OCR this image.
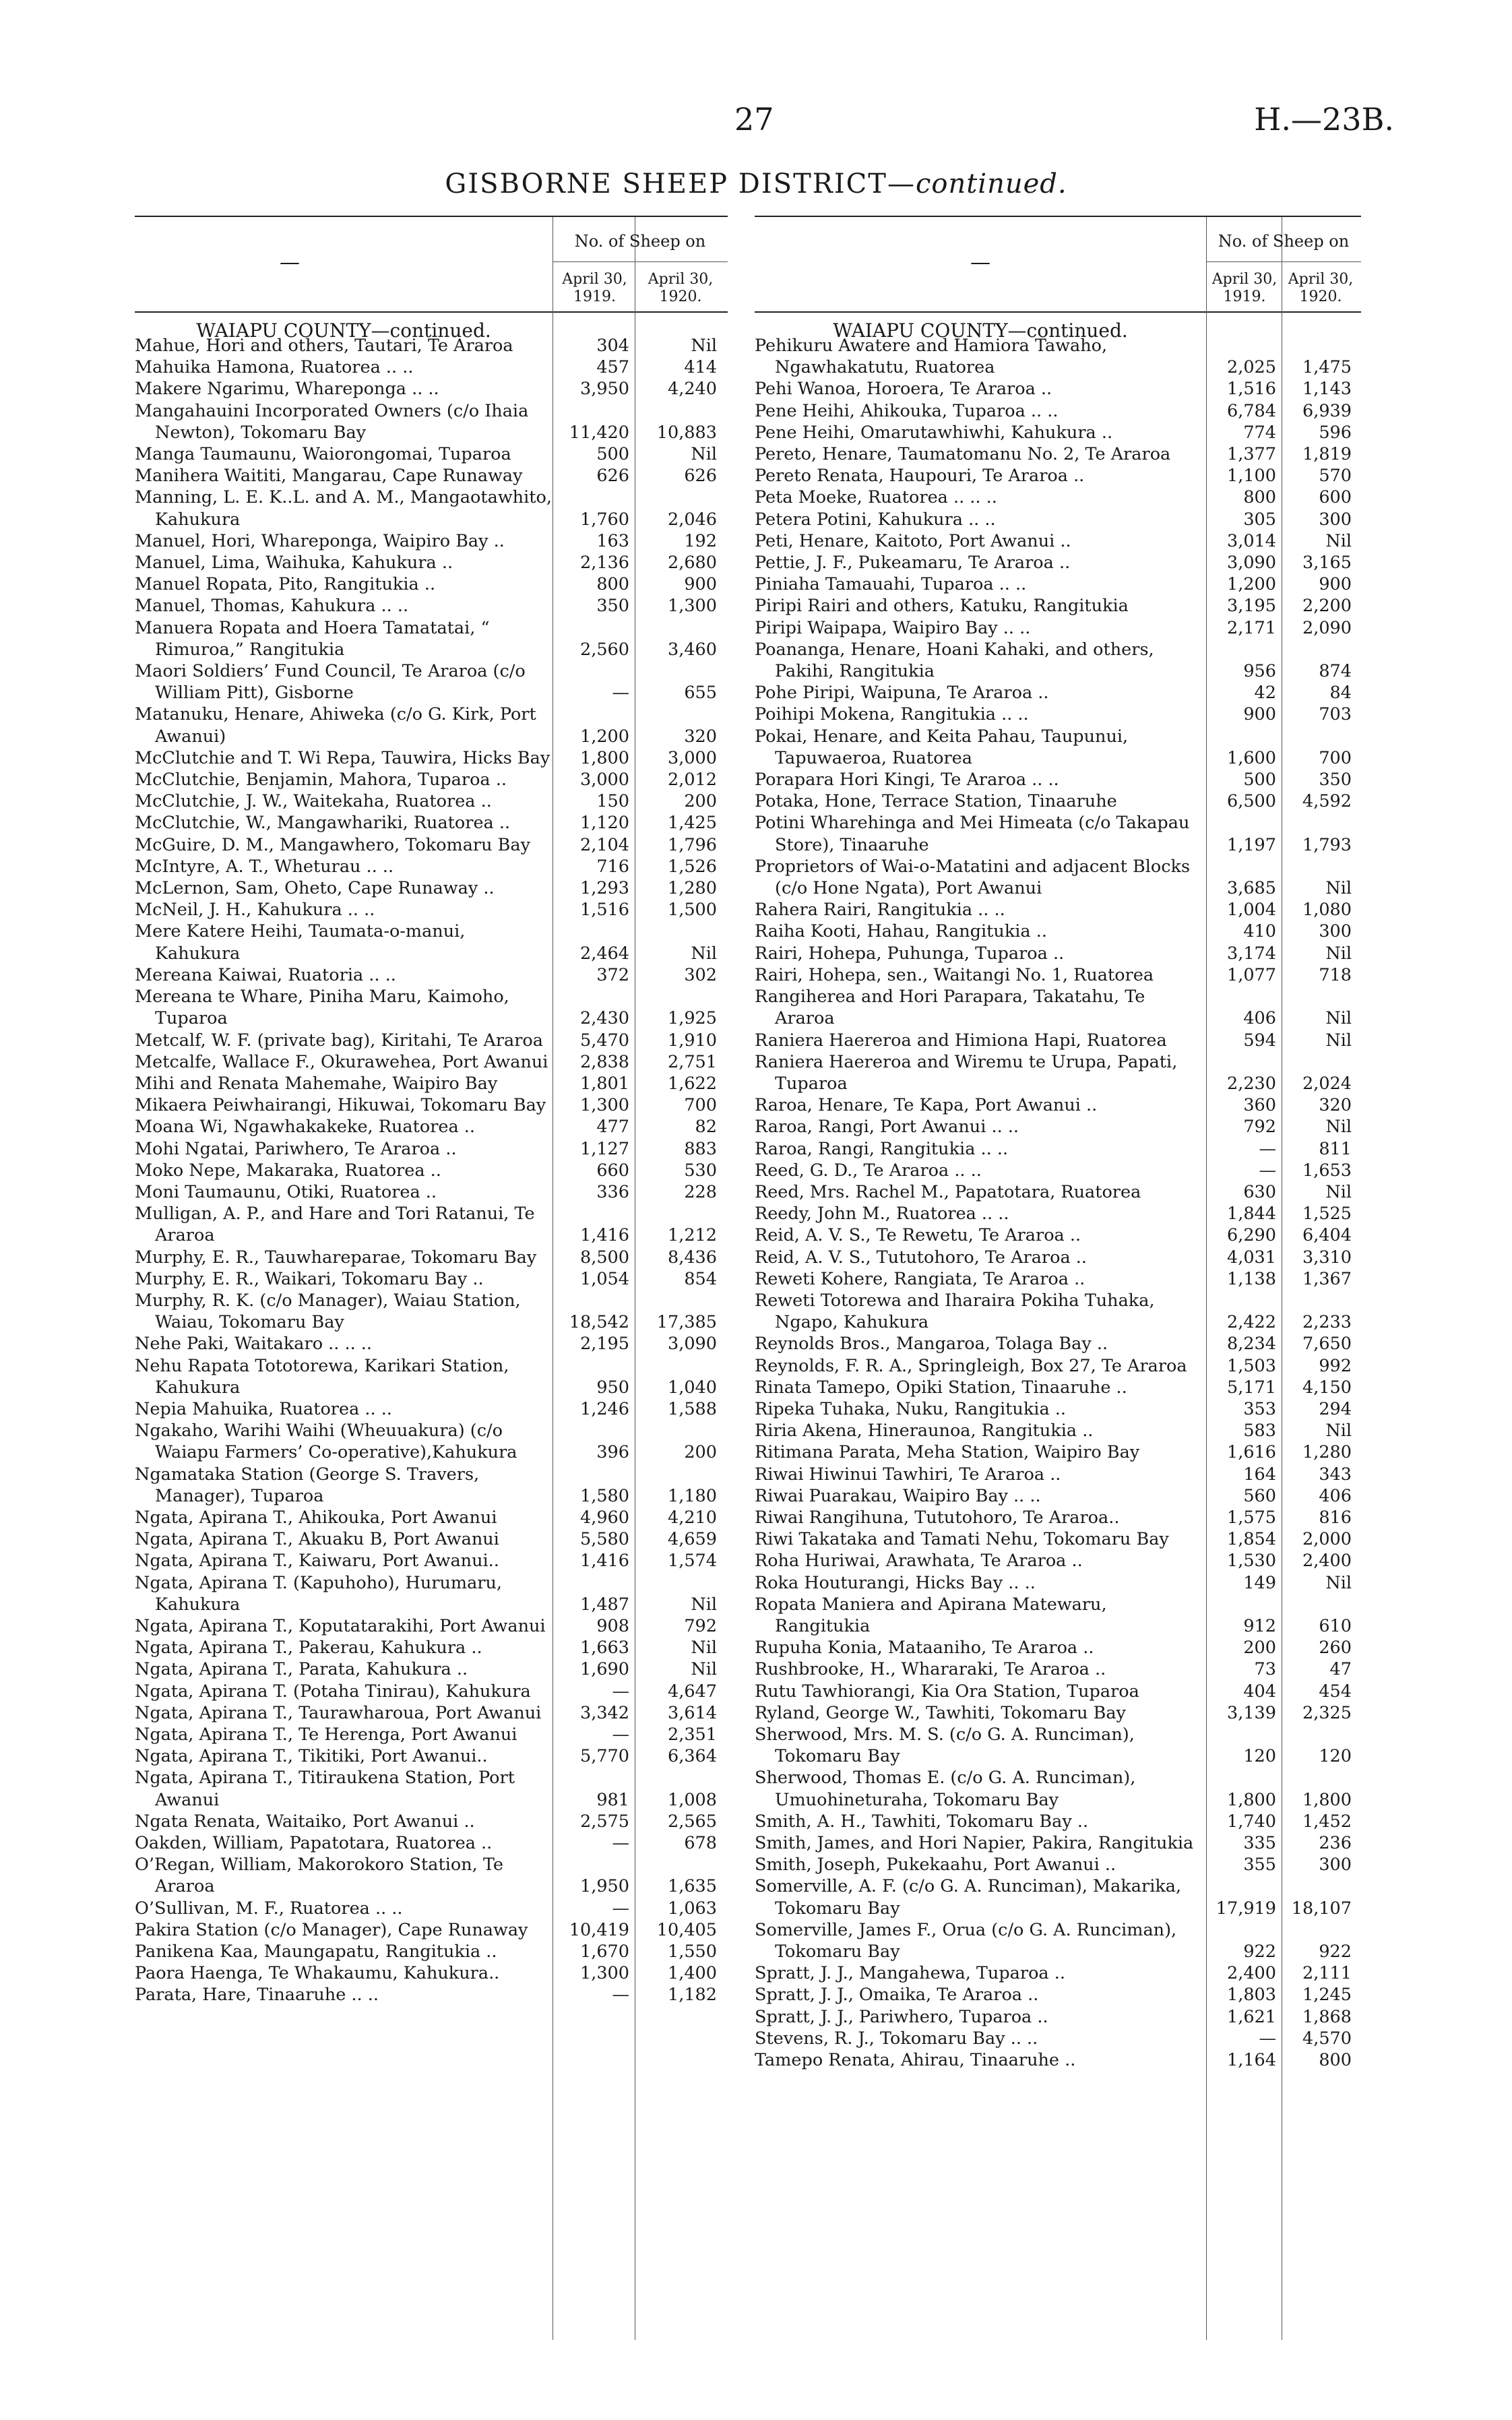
27	H.—23B.
GISBORNE SHEEP DISTRICT—continued.
—
No. of Sheep on
April 30, 1919.
April 30, 1920.
WAIAPU COUNTY—continued.
Mahue, Hori and others, Tautari, Te Araroa	304	Nil
Mahuika Hamona, Ruatorea .. ..	457	414
Makere Ngarimu, Whareponga .. ..	3,950	4,240
Mangahauini Incorporated Owners (c/o Ihaia Newton), Tokomaru Bay	11,420	10,883
Manga Taumaunu, Waiorongomai, Tuparoa	500	Nil
Manihera Waititi, Mangarau, Cape Runaway	626	626
Manning, L. E. K..L. and A. M., Mangaotawhito, Kahukura	1,760	2,046
Manuel, Hori, Whareponga, Waipiro Bay ..	163	192
Manuel, Lima, Waihuka, Kahukura ..	2,136	2,680
Manuel Ropata, Pito, Rangitukia ..	800	900
Manuel, Thomas, Kahukura .. ..	350	1,300
Manuera Ropata and Hoera Tamatatai, “ Rimuroa,” Rangitukia	2,560	3,460
Maori Soldiers’ Fund Council, Te Araroa (c/o William Pitt), Gisborne	—	655
Matanuku, Henare, Ahiweka (c/o G. Kirk, Port Awanui)	1,200	320
McClutchie and T. Wi Repa, Tauwira, Hicks Bay	1,800	3,000
McClutchie, Benjamin, Mahora, Tuparoa ..	3,000	2,012
McClutchie, J. W., Waitekaha, Ruatorea ..	150	200
McClutchie, W., Mangawhariki, Ruatorea ..	1,120	1,425
McGuire, D. M., Mangawhero, Tokomaru Bay	2,104	1,796
McIntyre, A. T., Wheturau .. ..	716	1,526
McLernon, Sam, Oheto, Cape Runaway ..	1,293	1,280
McNeil, J. H., Kahukura .. ..	1,516	1,500
Mere Katere Heihi, Taumata-o-manui, Kahukura	2,464	Nil
Mereana Kaiwai, Ruatoria .. ..	372	302
Mereana te Whare, Piniha Maru, Kaimoho, Tuparoa	2,430	1,925
Metcalf, W. F. (private bag), Kiritahi, Te Araroa	5,470	1,910
Metcalfe, Wallace F., Okurawehea, Port Awanui	2,838	2,751
Mihi and Renata Mahemahe, Waipiro Bay	1,801	1,622
Mikaera Peiwhairangi, Hikuwai, Tokomaru Bay	1,300	700
Moana Wi, Ngawhakakeke, Ruatorea ..	477	82
Mohi Ngatai, Pariwhero, Te Araroa ..	1,127	883
Moko Nepe, Makaraka, Ruatorea ..	660	530
Moni Taumaunu, Otiki, Ruatorea ..	336	228
Mulligan, A. P., and Hare and Tori Ratanui, Te Araroa	1,416	1,212
Murphy, E. R., Tauwhareparae, Tokomaru Bay	8,500	8,436
Murphy, E. R., Waikari, Tokomaru Bay ..	1,054	854
Murphy, R. K. (c/o Manager), Waiau Station, Waiau, Tokomaru Bay	18,542	17,385
Nehe Paki, Waitakaro .. .. ..	2,195	3,090
Nehu Rapata Tototorewa, Karikari Station, Kahukura	950	1,040
Nepia Mahuika, Ruatorea .. ..	1,246	1,588
Ngakaho, Warihi Waihi (Wheuuakura) (c/o Waiapu Farmers’ Co-operative),Kahukura	396	200
Ngamataka Station (George S. Travers, Manager), Tuparoa	1,580	1,180
Ngata, Apirana T., Ahikouka, Port Awanui	4,960	4,210
Ngata, Apirana T., Akuaku B, Port Awanui	5,580	4,659
Ngata, Apirana T., Kaiwaru, Port Awanui..	1,416	1,574
Ngata, Apirana T. (Kapuhoho), Hurumaru, Kahukura	1,487	Nil
Ngata, Apirana T., Koputatarakihi, Port Awanui	908	792
Ngata, Apirana T., Pakerau, Kahukura ..	1,663	Nil
Ngata, Apirana T., Parata, Kahukura ..	1,690	Nil
Ngata, Apirana T. (Potaha Tinirau), Kahukura	—	4,647
Ngata, Apirana T., Taurawharoua, Port Awanui	3,342	3,614
Ngata, Apirana T., Te Herenga, Port Awanui	—	2,351
Ngata, Apirana T., Tikitiki, Port Awanui..	5,770	6,364
Ngata, Apirana T., Titiraukena Station, Port Awanui	981	1,008
Ngata Renata, Waitaiko, Port Awanui ..	2,575	2,565
Oakden, William, Papatotara, Ruatorea ..	—	678
O’Regan, William, Makorokoro Station, Te Araroa	1,950	1,635
O’Sullivan, M. F., Ruatorea .. ..	—	1,063
Pakira Station (c/o Manager), Cape Runaway	10,419	10,405
Panikena Kaa, Maungapatu, Rangitukia ..	1,670	1,550
Paora Haenga, Te Whakaumu, Kahukura..	1,300	1,400
Parata, Hare, Tinaaruhe .. ..	—	1,182
—
No. of Sheep on
April 30, 1919.
April 30, 1920.
WAIAPU COUNTY—continued.
Pehikuru Awatere and Hamiora Tawaho, Ngawhakatutu, Ruatorea	2,025	1,475
Pehi Wanoa, Horoera, Te Araroa ..	1,516	1,143
Pene Heihi, Ahikouka, Tuparoa .. ..	6,784	6,939
Pene Heihi, Omarutawhiwhi, Kahukura ..	774	596
Pereto, Henare, Taumatomanu No. 2, Te Araroa	1,377	1,819
Pereto Renata, Haupouri, Te Araroa ..	1,100	570
Peta Moeke, Ruatorea .. .. ..	800	600
Petera Potini, Kahukura .. ..	305	300
Peti, Henare, Kaitoto, Port Awanui ..	3,014	Nil
Pettie, J. F., Pukeamaru, Te Araroa ..	3,090	3,165
Piniaha Tamauahi, Tuparoa .. ..	1,200	900
Piripi Rairi and others, Katuku, Rangitukia	3,195	2,200
Piripi Waipapa, Waipiro Bay .. ..	2,171	2,090
Poananga, Henare, Hoani Kahaki, and others, Pakihi, Rangitukia	956	874
Pohe Piripi, Waipuna, Te Araroa ..	42	84
Poihipi Mokena, Rangitukia .. ..	900	703
Pokai, Henare, and Keita Pahau, Taupunui, Tapuwaeroa, Ruatorea	1,600	700
Porapara Hori Kingi, Te Araroa .. ..	500	350
Potaka, Hone, Terrace Station, Tinaaruhe	6,500	4,592
Potini Wharehinga and Mei Himeata (c/o Takapau Store), Tinaaruhe	1,197	1,793
Proprietors of Wai-o-Matatini and adjacent Blocks (c/o Hone Ngata), Port Awanui	3,685	Nil
Rahera Rairi, Rangitukia .. ..	1,004	1,080
Raiha Kooti, Hahau, Rangitukia ..	410	300
Rairi, Hohepa, Puhunga, Tuparoa ..	3,174	Nil
Rairi, Hohepa, sen., Waitangi No. 1, Ruatorea	1,077	718
Rangiherea and Hori Parapara, Takatahu, Te Araroa	406	Nil
Raniera Haereroa and Himiona Hapi, Ruatorea	594	Nil
Raniera Haereroa and Wiremu te Urupa, Papati, Tuparoa	2,230	2,024
Raroa, Henare, Te Kapa, Port Awanui ..	360	320
Raroa, Rangi, Port Awanui .. ..	792	Nil
Raroa, Rangi, Rangitukia .. ..	—	811
Reed, G. D., Te Araroa .. ..	—	1,653
Reed, Mrs. Rachel M., Papatotara, Ruatorea	630	Nil
Reedy, John M., Ruatorea .. ..	1,844	1,525
Reid, A. V. S., Te Rewetu, Te Araroa ..	6,290	6,404
Reid, A. V. S., Tututohoro, Te Araroa ..	4,031	3,310
Reweti Kohere, Rangiata, Te Araroa ..	1,138	1,367
Reweti Totorewa and Iharaira Pokiha Tuhaka, Ngapo, Kahukura	2,422	2,233
Reynolds Bros., Mangaroa, Tolaga Bay ..	8,234	7,650
Reynolds, F. R. A., Springleigh, Box 27, Te Araroa	1,503	992
Rinata Tamepo, Opiki Station, Tinaaruhe ..	5,171	4,150
Ripeka Tuhaka, Nuku, Rangitukia ..	353	294
Riria Akena, Hineraunoa, Rangitukia ..	583	Nil
Ritimana Parata, Meha Station, Waipiro Bay	1,616	1,280
Riwai Hiwinui Tawhiri, Te Araroa ..	164	343
Riwai Puarakau, Waipiro Bay .. ..	560	406
Riwai Rangihuna, Tututohoro, Te Araroa..	1,575	816
Riwi Takataka and Tamati Nehu, Tokomaru Bay	1,854	2,000
Roha Huriwai, Arawhata, Te Araroa ..	1,530	2,400
Roka Houturangi, Hicks Bay .. ..	149	Nil
Ropata Maniera and Apirana Matewaru, Rangitukia	912	610
Rupuha Konia, Mataaniho, Te Araroa ..	200	260
Rushbrooke, H., Whararaki, Te Araroa ..	73	47
Rutu Tawhiorangi, Kia Ora Station, Tuparoa	404	454
Ryland, George W., Tawhiti, Tokomaru Bay	3,139	2,325
Sherwood, Mrs. M. S. (c/o G. A. Runciman), Tokomaru Bay	120	120
Sherwood, Thomas E. (c/o G. A. Runciman), Umuohineturaha, Tokomaru Bay	1,800	1,800
Smith, A. H., Tawhiti, Tokomaru Bay ..	1,740	1,452
Smith, James, and Hori Napier, Pakira, Rangitukia	335	236
Smith, Joseph, Pukekaahu, Port Awanui ..	355	300
Somerville, A. F. (c/o G. A. Runciman), Makarika, Tokomaru Bay	17,919 18,107
Somerville, James F., Orua (c/o G. A. Runciman), Tokomaru Bay	922	922
Spratt, J. J., Mangahewa, Tuparoa ..	2,400	2,111
Spratt, J. J., Omaika, Te Araroa ..	1,803	1,245
Spratt, J. J., Pariwhero, Tuparoa ..	1,621	1,868
Stevens, R. J., Tokomaru Bay .. ..	—	4,570
Tamepo Renata, Ahirau, Tinaaruhe ..	1,164	800
